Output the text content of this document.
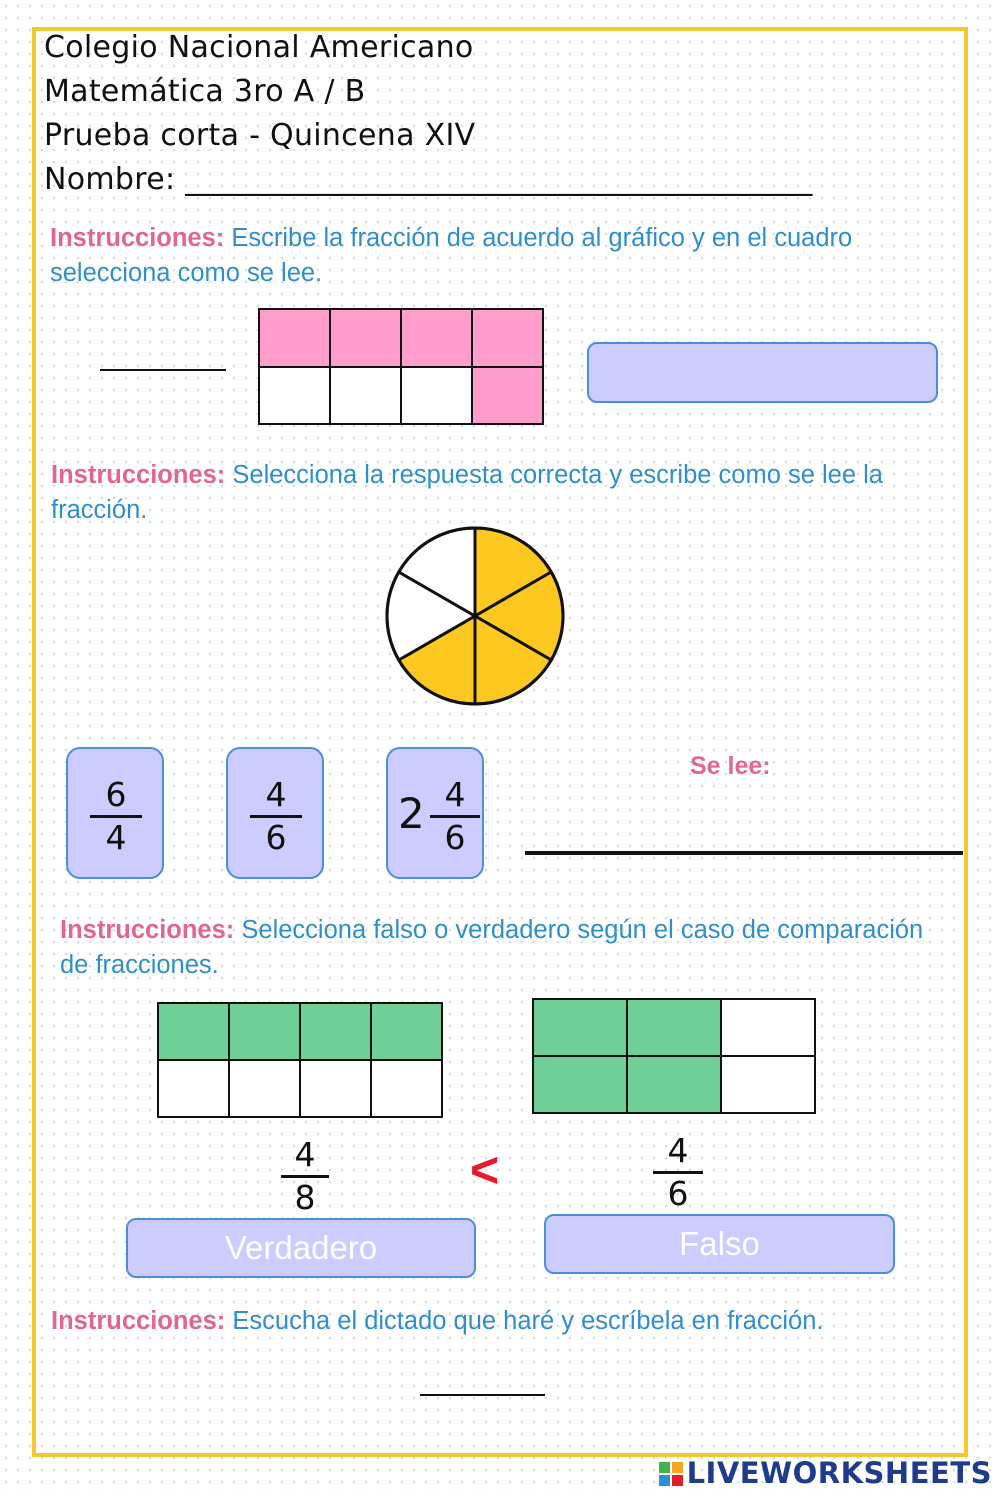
Colegio Nacional Americano
Matemática 3ro A / B
Prueba corta - Quincena XIV
Nombre: _________________________________________
Instrucciones: Escribe la fracción de acuerdo al gráfico y en el cuadro selecciona como se lee.

Instrucciones: Selecciona la respuesta correcta y escribe como se lee la fracción.
6
4
4
6	2 4
6
Se lee:
Instrucciones: Selecciona falso o verdadero según el caso de comparación de fracciones.

4
8	<	4
6
Verdadero	Falso
Instrucciones: Escucha el dictado que haré y escríbela en fracción.
LIVEWORKSHEETS
